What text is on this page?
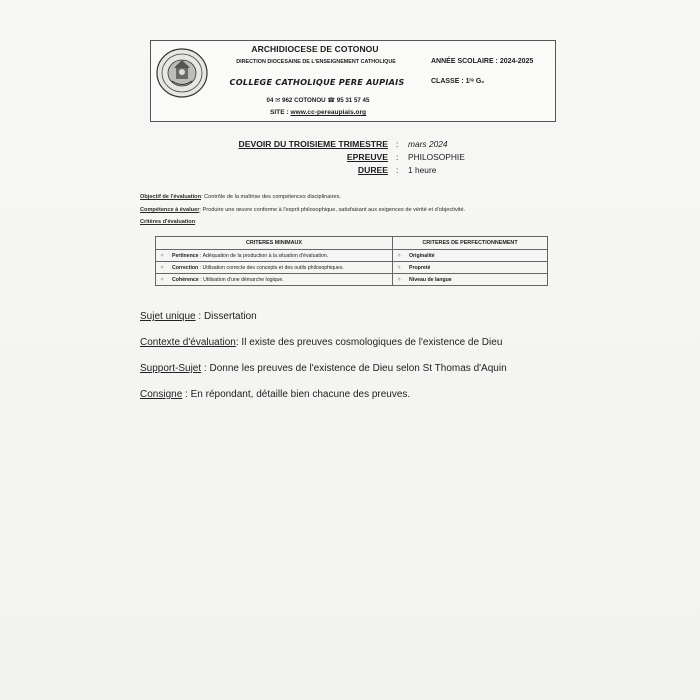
ARCHIDIOCESE DE COTONOU
DIRECTION DIOCESAINE DE L'ENSEIGNEMENT CATHOLIQUE
COLLEGE CATHOLIQUE PERE AUPIAIS
ANNÉE SCOLAIRE : 2024-2025
CLASSE : 1ʳᵉ G₂
04 ✉ 962 COTONOU ☎ 95 31 57 45
SITE : www.cc-pereaupiais.org
DEVOIR DU TROISIEME TRIMESTRE : mars 2024
EPREUVE : PHILOSOPHIE
DUREE : 1 heure
Objectif de l'évaluation: Contrôle de la maîtrise des compétences disciplinaires.
Compétence à évaluer: Produire une œuvre conforme à l'esprit philosophique, satisfaisant aux exigences de vérité et d'objectivité.
Critères d'évaluation
CRITERES MINIMAUX	CRITERES DE PERFECTIONNEMENT
✧ Pertinence : Adéquation de la production à la situation d'évaluation.	✧ Originalité
✧ Correction : Utilisation correcte des concepts et des outils philosophiques.	✧ Propreté
✧ Cohérence : Utilisation d'une démarche logique.	✧ Niveau de langue
Sujet unique : Dissertation
Contexte d'évaluation: Il existe des preuves cosmologiques de l'existence de Dieu
Support-Sujet : Donne les preuves de l'existence de Dieu selon St Thomas d'Aquin
Consigne : En répondant, détaille bien chacune des preuves.
